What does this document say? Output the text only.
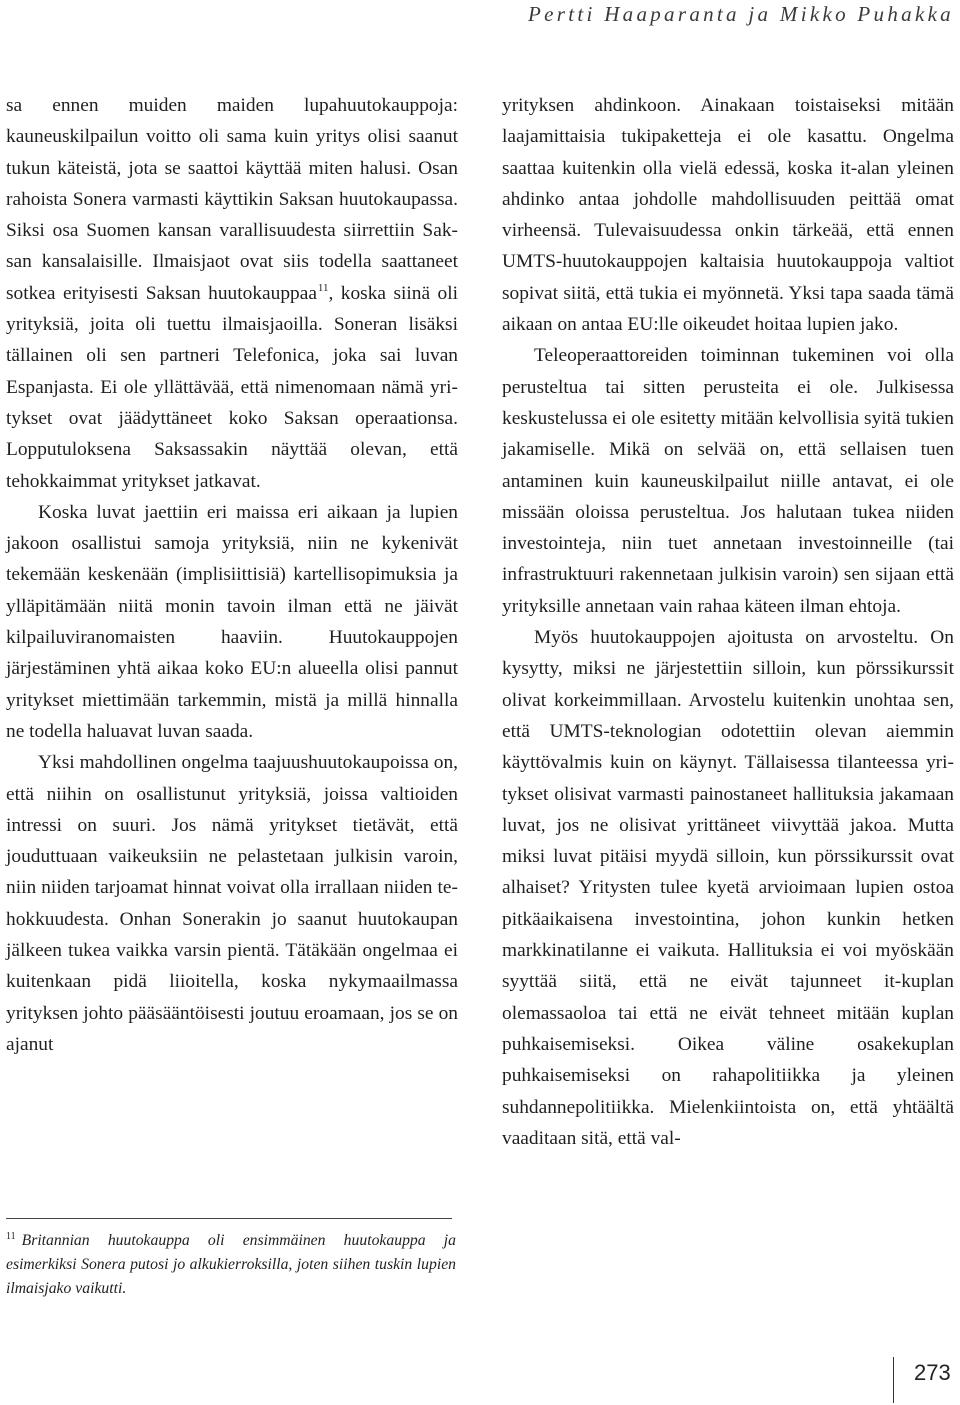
Pertti Haaparanta ja Mikko Puhakka

sa ennen muiden maiden lupahuutokauppoja: kauneuskilpailun voitto oli sama kuin yritys olisi saanut tukun käteistä, jota se saattoi käyttää miten halusi. Osan rahoista Sonera varmasti käyttikin Saksan huutokaupassa. Siksi osa Suomen kansan varallisuudesta siirrettiin Saksan kansalaisille. Ilmaisjaot ovat siis todella saattaneet sotkea erityisesti Saksan huutokauppaa$^{11}$, koska siinä oli yrityksiä, joita oli tuettu ilmaisjaoilla. Soneran lisäksi tällainen oli sen partneri Telefonica, joka sai luvan Espanjasta. Ei ole yllättävää, että nimenomaan nämä yritykset ovat jäädyttäneet koko Saksan operaationsa. Lopputuloksena Saksassakin näyttää olevan, että tehokkaimmat yritykset jatkavat.

Koska luvat jaettiin eri maissa eri aikaan ja lupien jakoon osallistui samoja yrityksiä, niin ne kykenivät tekemään keskenään (implisiittisiä) kartellisopimuksia ja ylläpitämään niitä monin tavoin ilman että ne jäivät kilpailuviranomaisten haaviin. Huutokauppojen järjestäminen yhtä aikaa koko EU:n alueella olisi pannut yritykset miettimään tarkemmin, mistä ja millä hinnalla ne todella haluavat luvan saada.

Yksi mahdollinen ongelma taajuushuutokaupoissa on, että niihin on osallistunut yrityksiä, joissa valtioiden intressi on suuri. Jos nämä yritykset tietävät, että jouduttuaan vaikeuksiin ne pelastetaan julkisin varoin, niin niiden tarjoamat hinnat voivat olla irrallaan niiden tehokkuudesta. Onhan Sonerakin jo saanut huutokaupan jälkeen tukea vaikka varsin pientä. Tätäkään ongelmaa ei kuitenkaan pidä liioitella, koska nykymaailmassa yrityksen johto pääsääntöisesti joutuu eroamaan, jos se on ajanut

yrityksen ahdinkoon. Ainakaan toistaiseksi mitään laajamittaisia tukipaketteja ei ole kasattu. Ongelma saattaa kuitenkin olla vielä edessä, koska it-alan yleinen ahdinko antaa johdolle mahdollisuuden peittää omat virheensä. Tulevaisuudessa onkin tärkeää, että ennen UMTS-huutokauppojen kaltaisia huutokauppoja valtiot sopivat siitä, että tukia ei myönnetä. Yksi tapa saada tämä aikaan on antaa EU:lle oikeudet hoitaa lupien jako.

Teleoperaattoreiden toiminnan tukeminen voi olla perusteltua tai sitten perusteita ei ole. Julkisessa keskustelussa ei ole esitetty mitään kelvollisia syitä tukien jakamiselle. Mikä on selvää on, että sellaisen tuen antaminen kuin kauneuskilpailut niille antavat, ei ole missään oloissa perusteltua. Jos halutaan tukea niiden investointeja, niin tuet annetaan investoinneille (tai infrastruktuuri rakennetaan julkisin varoin) sen sijaan että yrityksille annetaan vain rahaa käteen ilman ehtoja.

Myös huutokauppojen ajoitusta on arvosteltu. On kysytty, miksi ne järjestettiin silloin, kun pörssikurssit olivat korkeimmillaan. Arvostelu kuitenkin unohtaa sen, että UMTS-teknologian odotettiin olevan aiemmin käyttövalmis kuin on käynyt. Tällaisessa tilanteessa yritykset olisivat varmasti painostaneet hallituksia jakamaan luvat, jos ne olisivat yrittäneet viivyttää jakoa. Mutta miksi luvat pitäisi myydä silloin, kun pörssikurssit ovat alhaiset? Yritysten tulee kyetä arvioimaan lupien ostoa pitkäaikaisena investointina, johon kunkin hetken markkinatilanne ei vaikuta. Hallituksia ei voi myöskään syyttää siitä, että ne eivät tajunneet it-kuplan olemassaoloa tai että ne eivät tehneet mitään kuplan puhkaisemiseksi. Oikea väline osakekuplan puhkaisemiseksi on rahapolitiikka ja yleinen suhdannepolitiikka. Mielenkiintoista on, että yhtäältä vaaditaan sitä, että val-

$^{11}$ Britannian huutokauppa oli ensimmäinen huutokauppa ja esimerkiksi Sonera putosi jo alkukierroksilla, joten siihen tuskin lupien ilmaisjako vaikutti.
273
